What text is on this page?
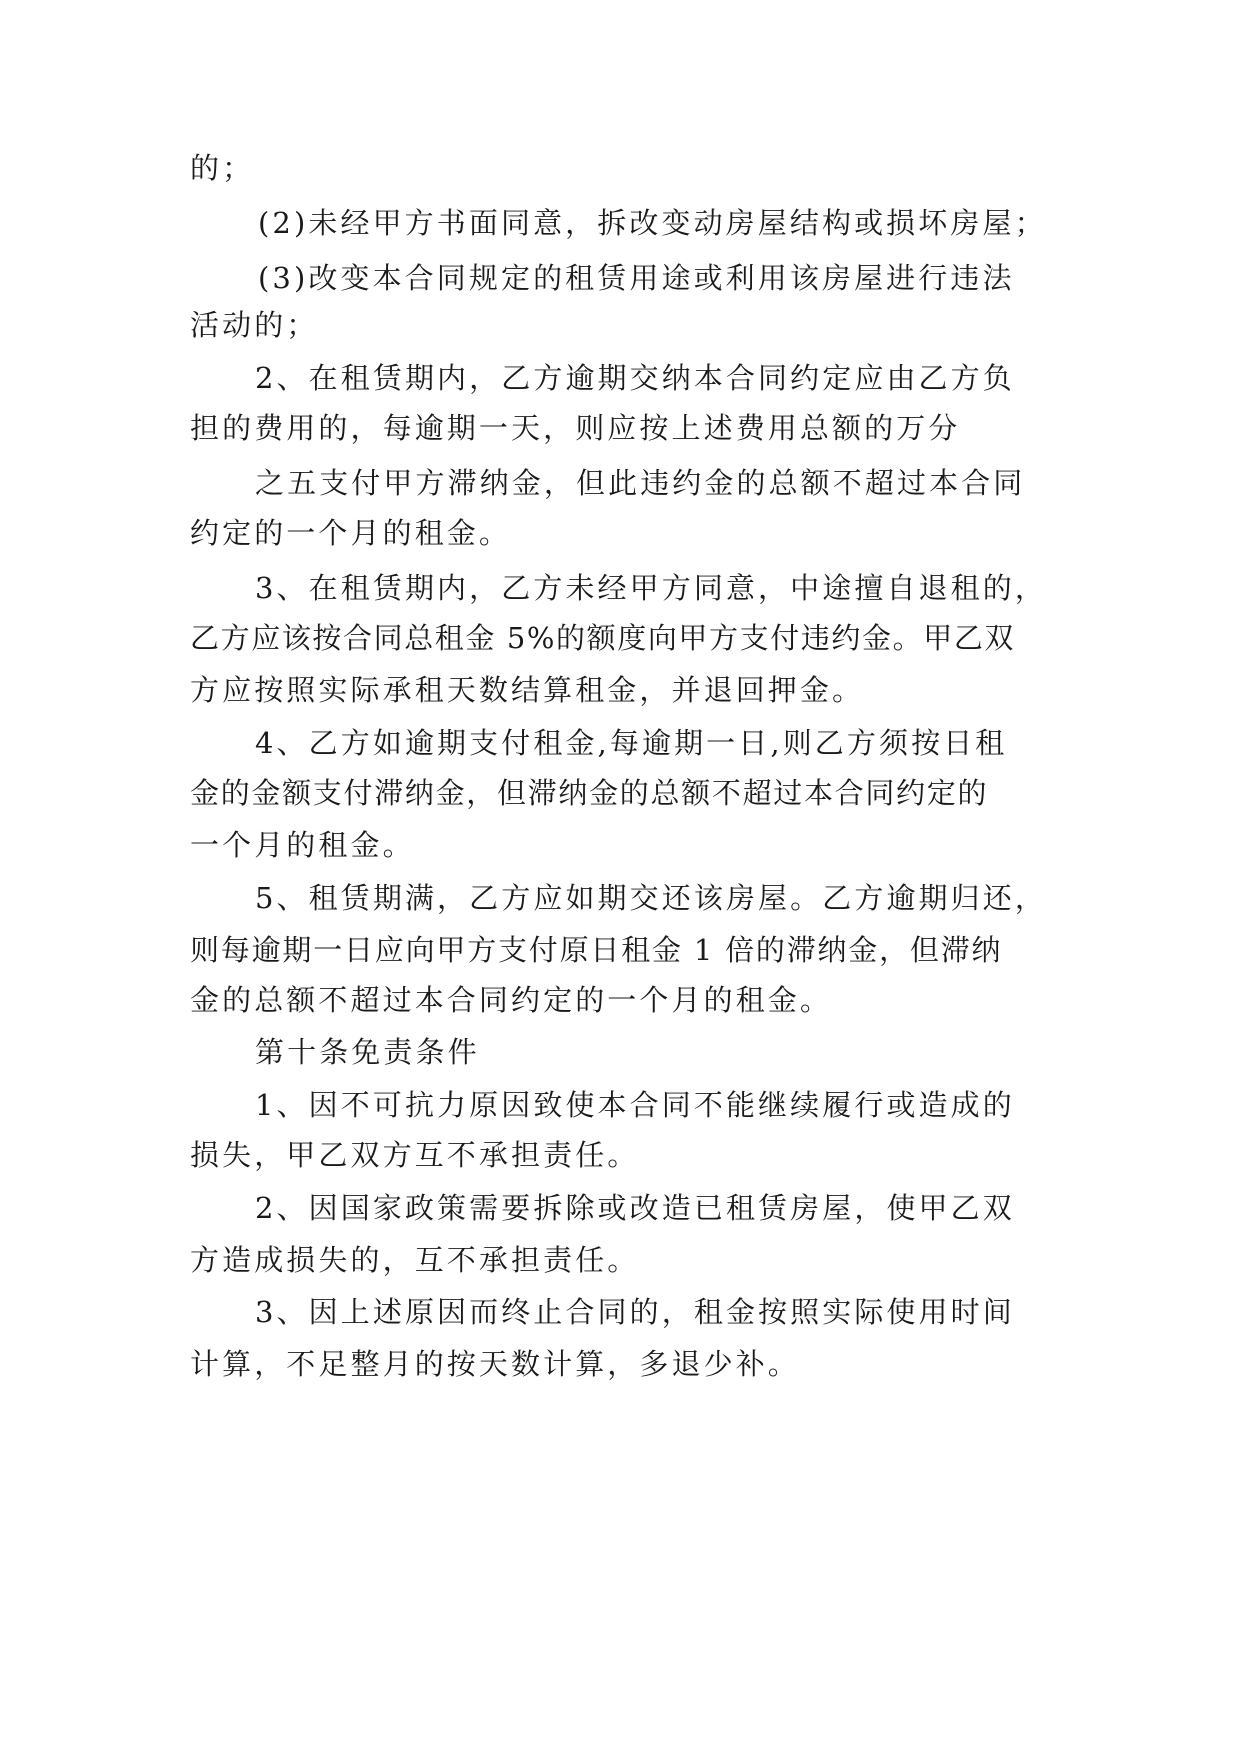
的；
(2)未经甲方书面同意，拆改变动房屋结构或损坏房屋；
(3)改变本合同规定的租赁用途或利用该房屋进行违法
活动的；
2、在租赁期内，乙方逾期交纳本合同约定应由乙方负
担的费用的，每逾期一天，则应按上述费用总额的万分
之五支付甲方滞纳金，但此违约金的总额不超过本合同
约定的一个月的租金。
3、在租赁期内，乙方未经甲方同意，中途擅自退租的，
乙方应该按合同总租金 5%的额度向甲方支付违约金。甲乙双
方应按照实际承租天数结算租金，并退回押金。
4、乙方如逾期支付租金,每逾期一日,则乙方须按日租
金的金额支付滞纳金，但滞纳金的总额不超过本合同约定的
一个月的租金。
5、租赁期满，乙方应如期交还该房屋。乙方逾期归还，
则每逾期一日应向甲方支付原日租金 1 倍的滞纳金，但滞纳
金的总额不超过本合同约定的一个月的租金。
第十条免责条件
1、因不可抗力原因致使本合同不能继续履行或造成的
损失，甲乙双方互不承担责任。
2、因国家政策需要拆除或改造已租赁房屋，使甲乙双
方造成损失的，互不承担责任。
3、因上述原因而终止合同的，租金按照实际使用时间
计算，不足整月的按天数计算，多退少补。
